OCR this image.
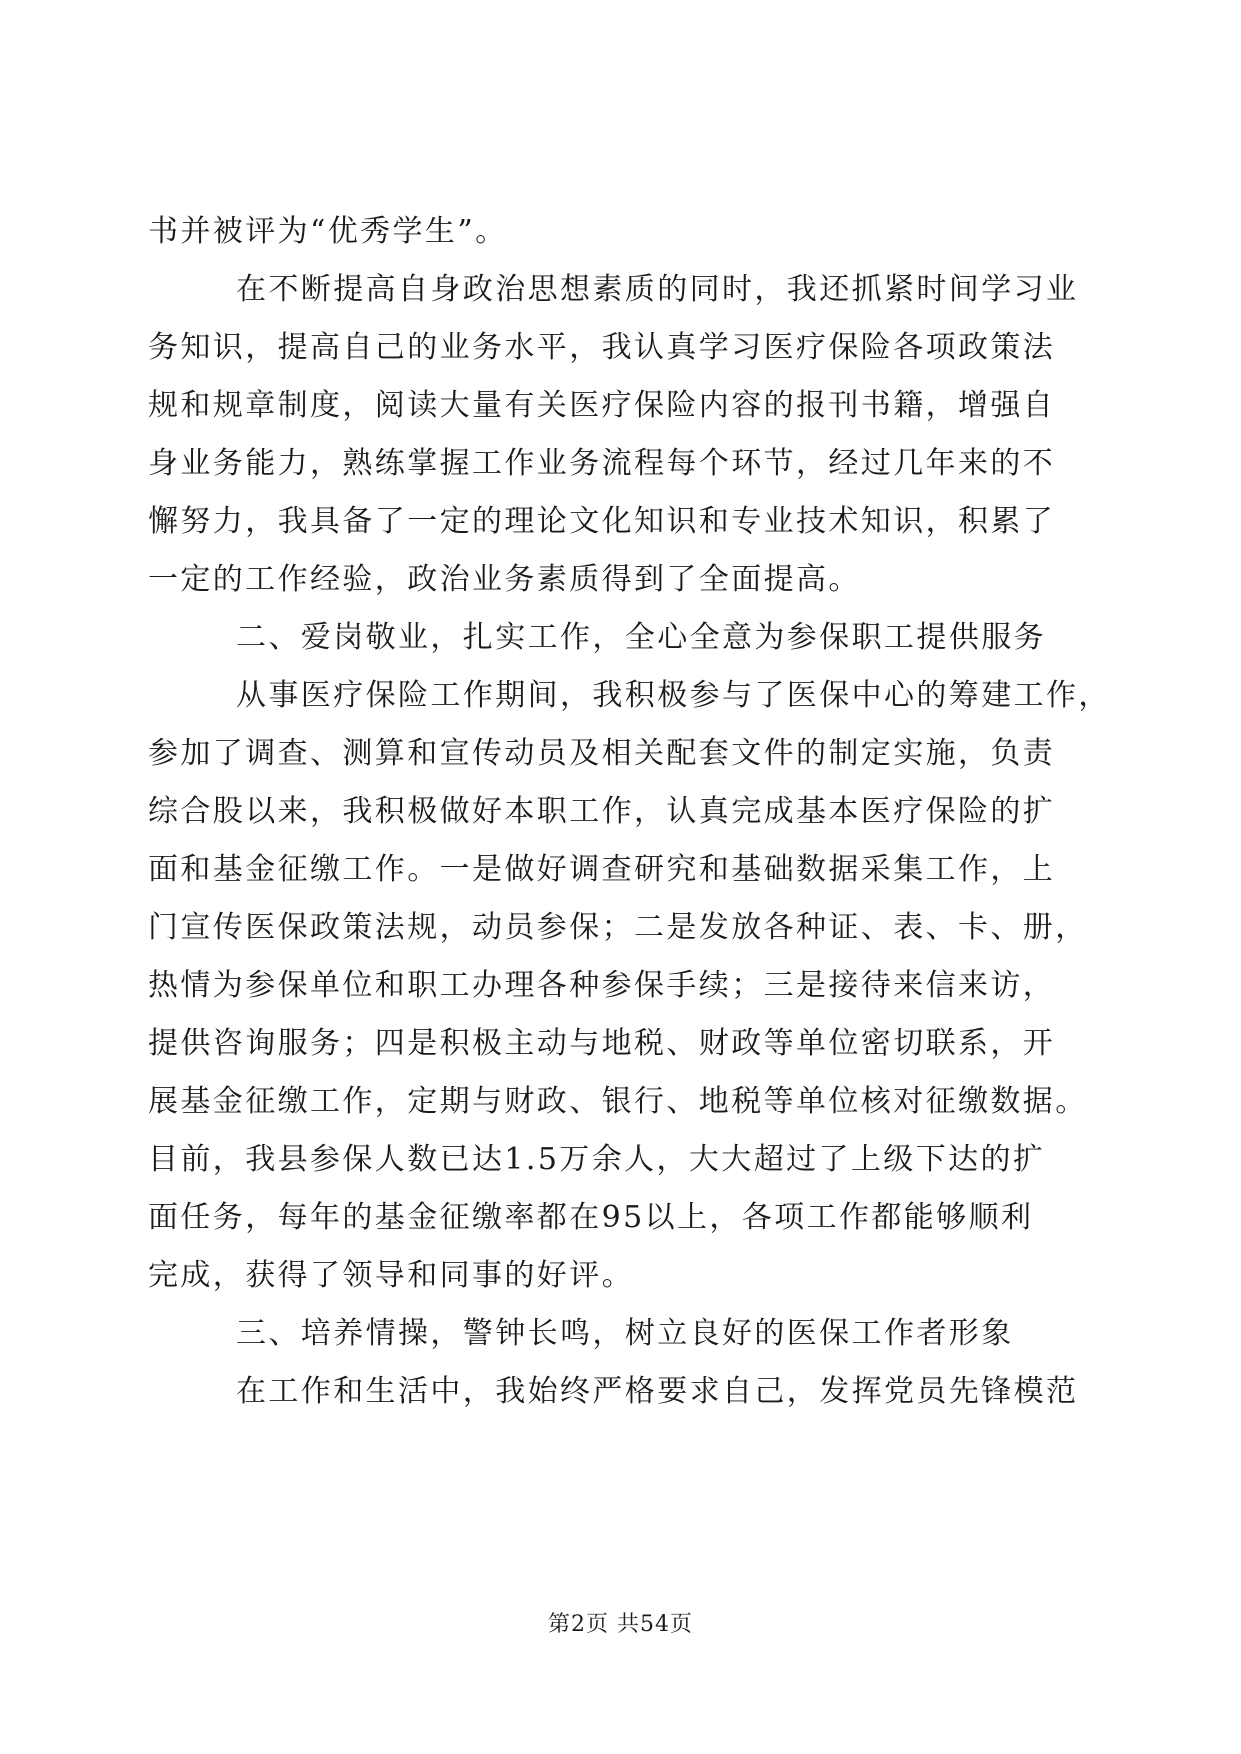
书并被评为“优秀学生”。
在不断提高自身政治思想素质的同时，我还抓紧时间学习业
务知识，提高自己的业务水平，我认真学习医疗保险各项政策法
规和规章制度，阅读大量有关医疗保险内容的报刊书籍，增强自
身业务能力，熟练掌握工作业务流程每个环节，经过几年来的不
懈努力，我具备了一定的理论文化知识和专业技术知识，积累了
一定的工作经验，政治业务素质得到了全面提高。
二、爱岗敬业，扎实工作，全心全意为参保职工提供服务
从事医疗保险工作期间，我积极参与了医保中心的筹建工作，
参加了调查、测算和宣传动员及相关配套文件的制定实施，负责
综合股以来，我积极做好本职工作，认真完成基本医疗保险的扩
面和基金征缴工作。一是做好调查研究和基础数据采集工作，上
门宣传医保政策法规，动员参保；二是发放各种证、表、卡、册，
热情为参保单位和职工办理各种参保手续；三是接待来信来访，
提供咨询服务；四是积极主动与地税、财政等单位密切联系，开
展基金征缴工作，定期与财政、银行、地税等单位核对征缴数据。
目前，我县参保人数已达1.5万余人，大大超过了上级下达的扩
面任务，每年的基金征缴率都在95以上，各项工作都能够顺利
完成，获得了领导和同事的好评。
三、培养情操，警钟长鸣，树立良好的医保工作者形象
在工作和生活中，我始终严格要求自己，发挥党员先锋模范
第2页 共54页
